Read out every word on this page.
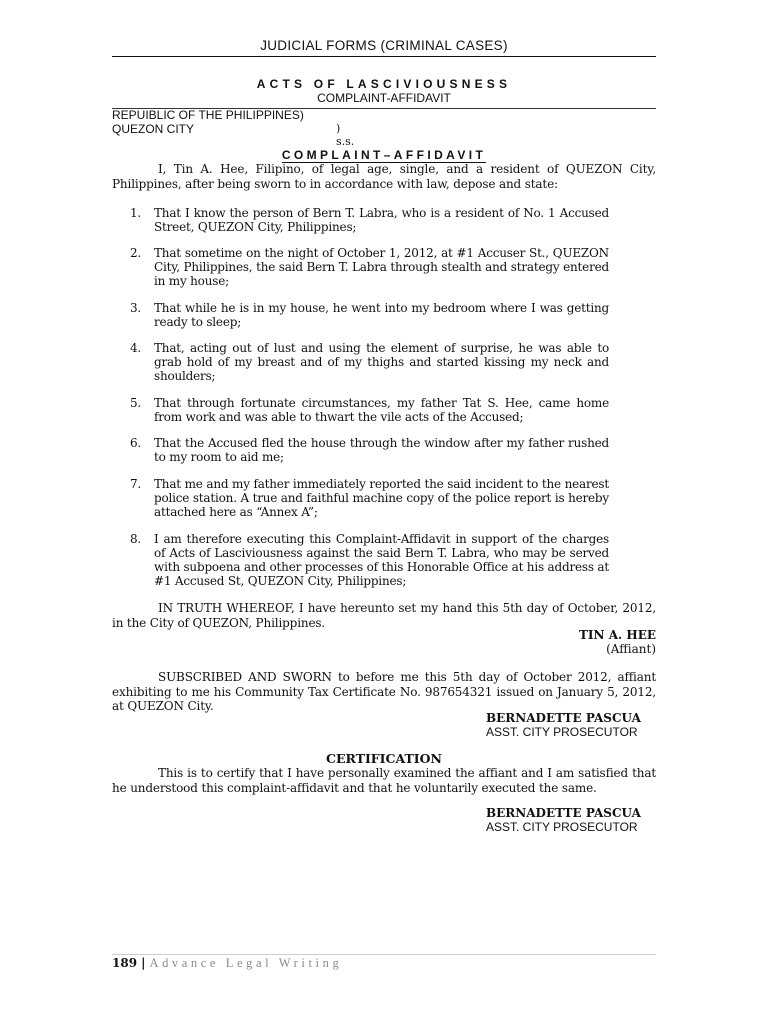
JUDICIAL FORMS (CRIMINAL CASES)
ACTS OF LASCIVIOUSNESS
COMPLAINT-AFFIDAVIT
REPUIBLIC OF THE PHILIPPINES)
QUEZON CITY	) s.s.
COMPLAINT–AFFIDAVIT
I, Tin A. Hee, Filipino, of legal age, single, and a resident of QUEZON City, Philippines, after being sworn to in accordance with law, depose and state:
1. That I know the person of Bern T. Labra, who is a resident of No. 1 Accused Street, QUEZON City, Philippines;
2. That sometime on the night of October 1, 2012, at #1 Accuser St., QUEZON City, Philippines, the said Bern T. Labra through stealth and strategy entered in my house;
3. That while he is in my house, he went into my bedroom where I was getting ready to sleep;
4. That, acting out of lust and using the element of surprise, he was able to grab hold of my breast and of my thighs and started kissing my neck and shoulders;
5. That through fortunate circumstances, my father Tat S. Hee, came home from work and was able to thwart the vile acts of the Accused;
6. That the Accused fled the house through the window after my father rushed to my room to aid me;
7. That me and my father immediately reported the said incident to the nearest police station. A true and faithful machine copy of the police report is hereby attached here as “Annex A”;
8. I am therefore executing this Complaint-Affidavit in support of the charges of Acts of Lasciviousness against the said Bern T. Labra, who may be served with subpoena and other processes of this Honorable Office at his address at #1 Accused St, QUEZON City, Philippines;
IN TRUTH WHEREOF, I have hereunto set my hand this 5th day of October, 2012, in the City of QUEZON, Philippines.
TIN A. HEE
(Affiant)
SUBSCRIBED AND SWORN to before me this 5th day of October 2012, affiant exhibiting to me his Community Tax Certificate No. 987654321 issued on January 5, 2012, at QUEZON City.
BERNADETTE PASCUA
ASST. CITY PROSECUTOR
CERTIFICATION
This is to certify that I have personally examined the affiant and I am satisfied that he understood this complaint-affidavit and that he voluntarily executed the same.
BERNADETTE PASCUA
ASST. CITY PROSECUTOR
189 | Advance Legal Writing
